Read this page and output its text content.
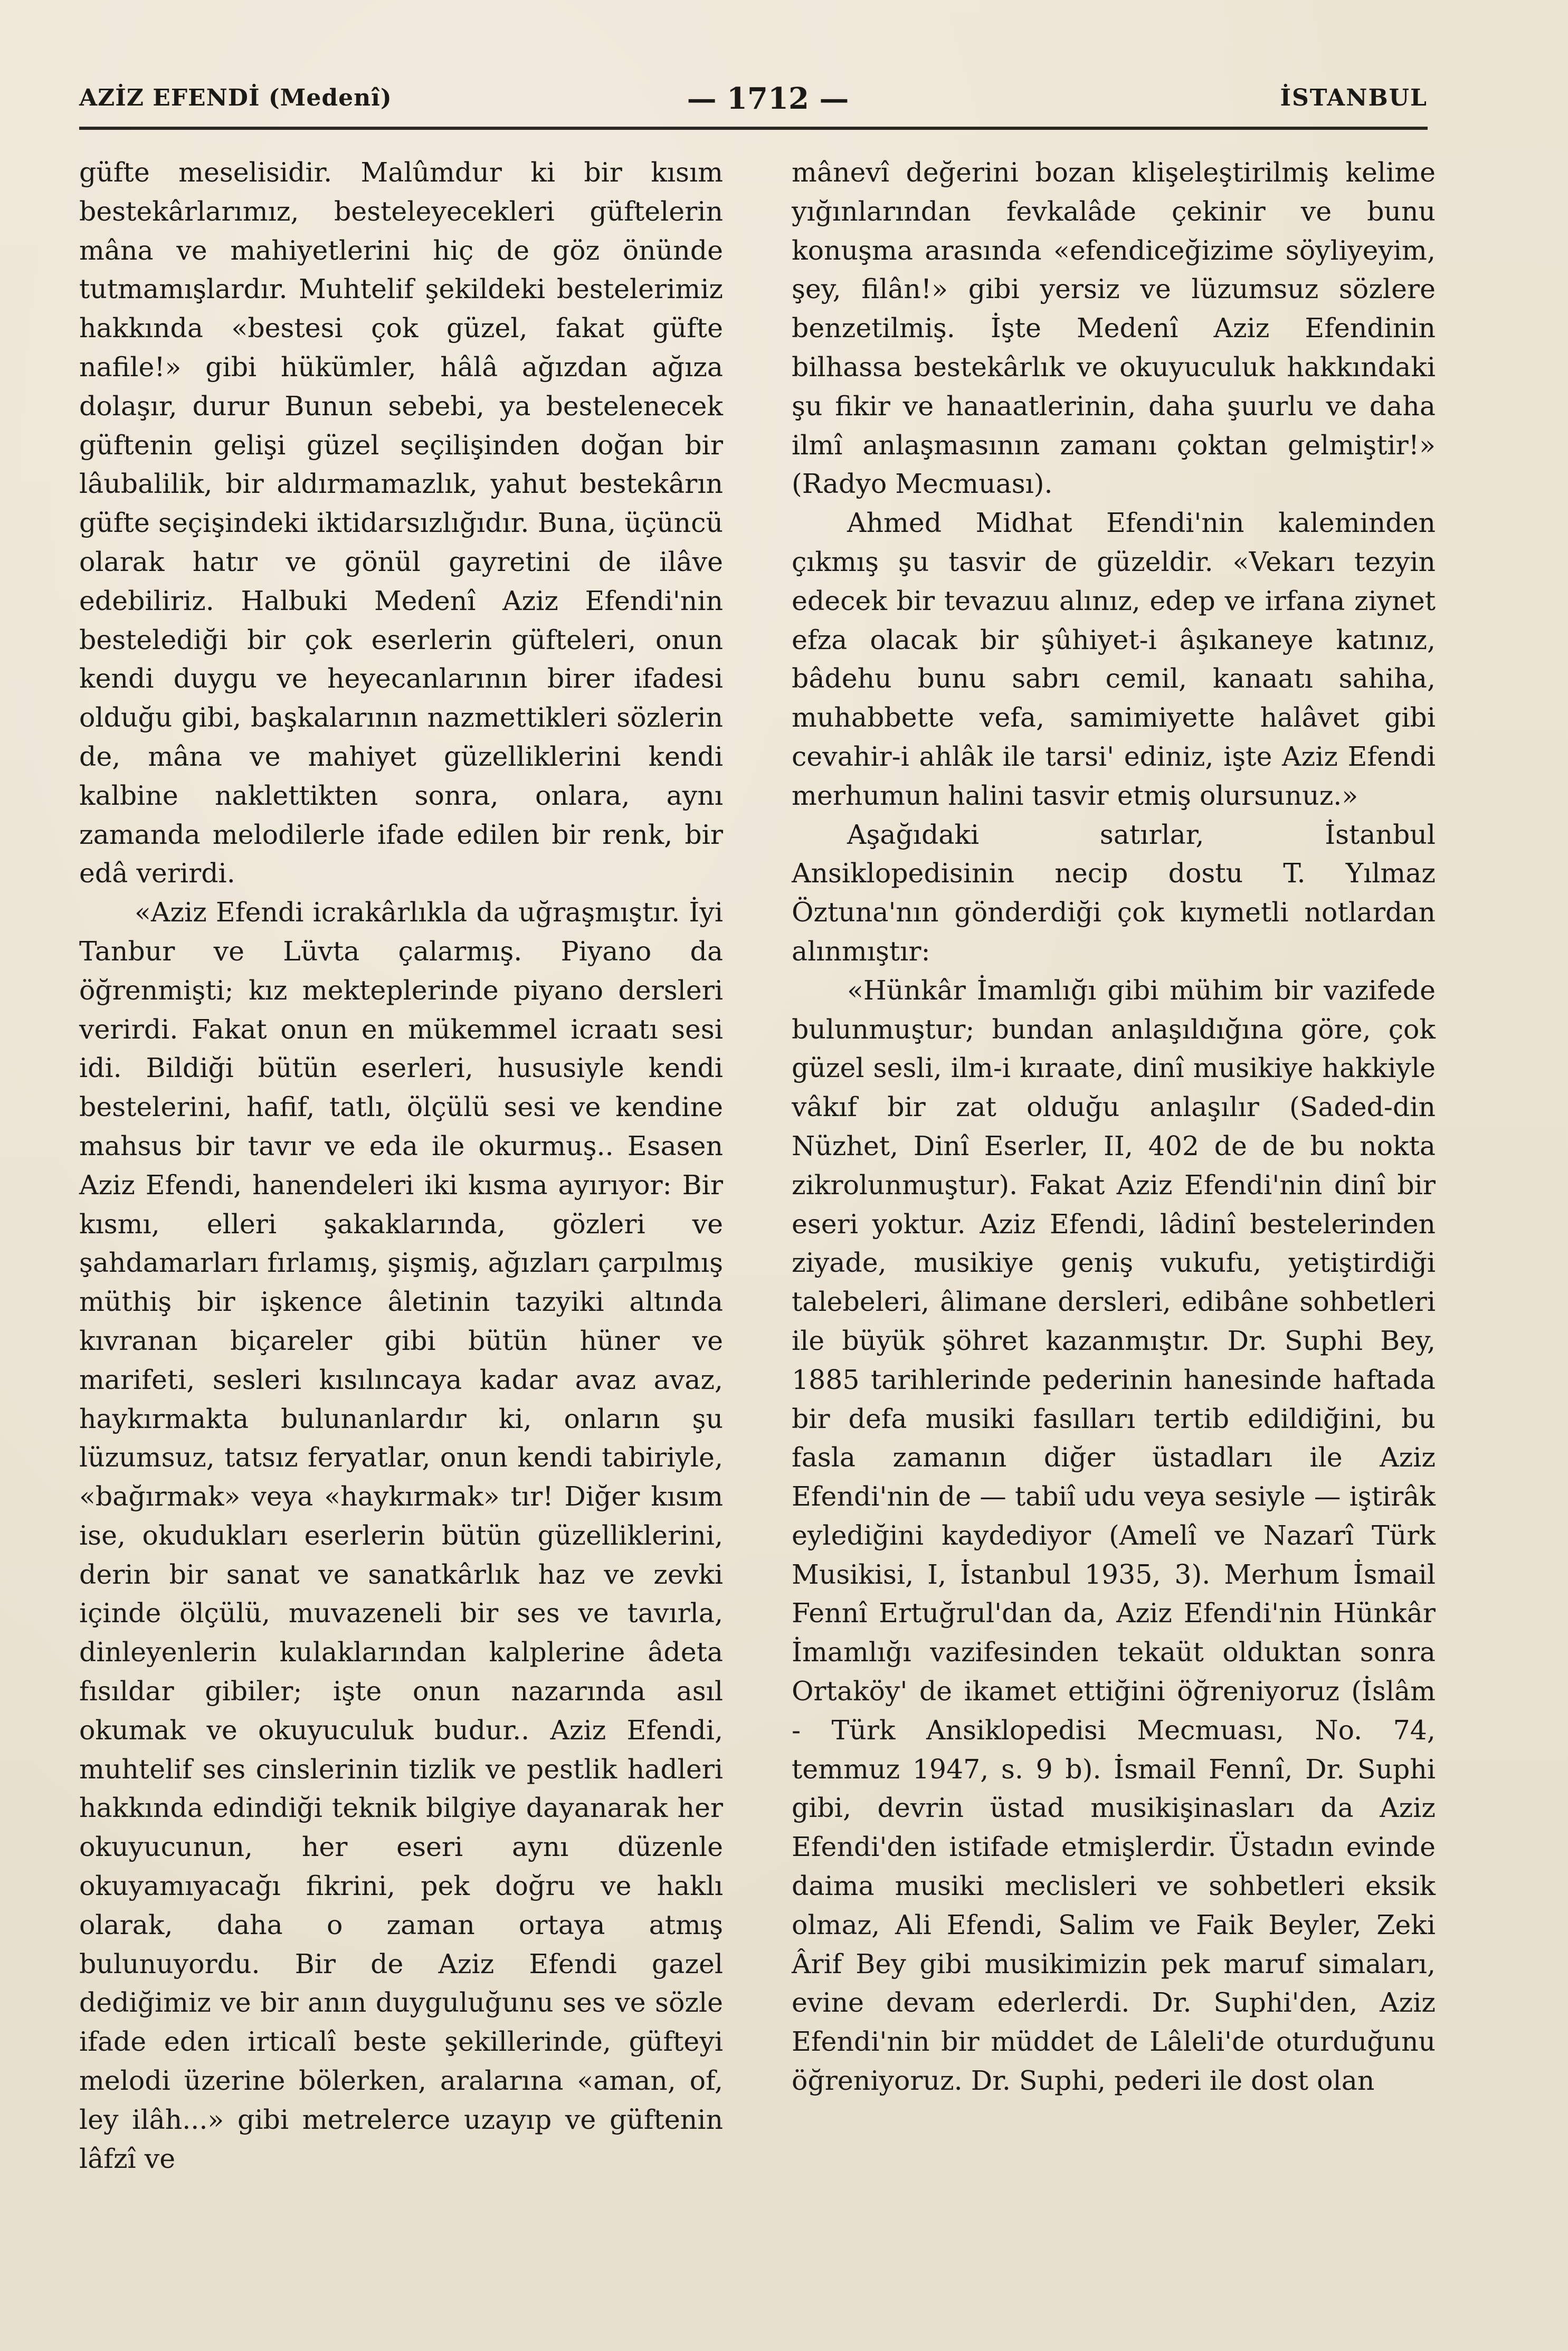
AZİZ EFENDİ (Medenî)	— 1712 —	İSTANBUL

güfte meselisidir. Malûmdur ki bir kısım bestekârlarımız, besteleyecekleri güftelerin mâna ve mahiyetlerini hiç de göz önünde tutmamışlardır. Muhtelif şekildeki bestelerimiz hakkında «bestesi çok güzel, fakat güfte nafile!» gibi hükümler, hâlâ ağızdan ağıza dolaşır, durur Bunun sebebi, ya bestelenecek güftenin gelişi güzel seçilişinden doğan bir lâubalilik, bir aldırmamazlık, yahut bestekârın güfte seçişindeki iktidarsızlığıdır. Buna, üçüncü olarak hatır ve gönül gayretini de ilâve edebiliriz. Halbuki Medenî Aziz Efendi'nin bestelediği bir çok eserlerin güfteleri, onun kendi duygu ve heyecanlarının birer ifadesi olduğu gibi, başkalarının nazmettikleri sözlerin de, mâna ve mahiyet güzelliklerini kendi kalbine naklettikten sonra, onlara, aynı zamanda melodilerle ifade edilen bir renk, bir edâ verirdi.

«Aziz Efendi icrakârlıkla da uğraşmıştır. İyi Tanbur ve Lüvta çalarmış. Piyano da öğrenmişti; kız mekteplerinde piyano dersleri verirdi. Fakat onun en mükemmel icraatı sesi idi. Bildiği bütün eserleri, hususiyle kendi bestelerini, hafif, tatlı, ölçülü sesi ve kendine mahsus bir tavır ve eda ile okurmuş.. Esasen Aziz Efendi, hanendeleri iki kısma ayırıyor: Bir kısmı, elleri şakaklarında, gözleri ve şahdamarları fırlamış, şişmiş, ağızları çarpılmış müthiş bir işkence âletinin tazyiki altında kıvranan biçareler gibi bütün hüner ve marifeti, sesleri kısılıncaya kadar avaz avaz, haykırmakta bulunanlardır ki, onların şu lüzumsuz, tatsız feryatlar, onun kendi tabiriyle, «bağırmak» veya «haykırmak» tır! Diğer kısım ise, okudukları eserlerin bütün güzelliklerini, derin bir sanat ve sanatkârlık haz ve zevki içinde ölçülü, muvazeneli bir ses ve tavırla, dinleyenlerin kulaklarından kalplerine âdeta fısıldar gibiler; işte onun nazarında asıl okumak ve okuyuculuk budur.. Aziz Efendi, muhtelif ses cinslerinin tizlik ve pestlik hadleri hakkında edindiği teknik bilgiye dayanarak her okuyucunun, her eseri aynı düzenle okuyamıyacağı fikrini, pek doğru ve haklı olarak, daha o zaman ortaya atmış bulunuyordu. Bir de Aziz Efendi gazel dediğimiz ve bir anın duyguluğunu ses ve sözle ifade eden irticalî beste şekillerinde, güfteyi melodi üzerine bölerken, aralarına «aman, of, ley ilâh...» gibi metrelerce uzayıp ve güftenin lâfzî ve

mânevî değerini bozan klişeleştirilmiş kelime yığınlarından fevkalâde çekinir ve bunu konuşma arasında «efendiceğizime söyliyeyim, şey, filân!» gibi yersiz ve lüzumsuz sözlere benzetilmiş. İşte Medenî Aziz Efendinin bilhassa bestekârlık ve okuyuculuk hakkındaki şu fikir ve hanaatlerinin, daha şuurlu ve daha ilmî anlaşmasının zamanı çoktan gelmiştir!» (Radyo Mecmuası).

Ahmed Midhat Efendi'nin kaleminden çıkmış şu tasvir de güzeldir. «Vekarı tezyin edecek bir tevazuu alınız, edep ve irfana ziynet efza olacak bir şûhiyet-i âşıkaneye katınız, bâdehu bunu sabrı cemil, kanaatı sahiha, muhabbette vefa, samimiyette halâvet gibi cevahir-i ahlâk ile tarsi' ediniz, işte Aziz Efendi merhumun halini tasvir etmiş olursunuz.»

Aşağıdaki satırlar, İstanbul Ansiklopedisinin necip dostu T. Yılmaz Öztuna'nın gönderdiği çok kıymetli notlardan alınmıştır:

«Hünkâr İmamlığı gibi mühim bir vazifede bulunmuştur; bundan anlaşıldığına göre, çok güzel sesli, ilm-i kıraate, dinî musikiye hakkiyle vâkıf bir zat olduğu anlaşılır (Saded-din Nüzhet, Dinî Eserler, II, 402 de de bu nokta zikrolunmuştur). Fakat Aziz Efendi'nin dinî bir eseri yoktur. Aziz Efendi, lâdinî bestelerinden ziyade, musikiye geniş vukufu, yetiştirdiği talebeleri, âlimane dersleri, edibâne sohbetleri ile büyük şöhret kazanmıştır. Dr. Suphi Bey, 1885 tarihlerinde pederinin hanesinde haftada bir defa musiki fasılları tertib edildiğini, bu fasla zamanın diğer üstadları ile Aziz Efendi'nin de — tabiî udu veya sesiyle — iştirâk eylediğini kaydediyor (Amelî ve Nazarî Türk Musikisi, I, İstanbul 1935, 3). Merhum İsmail Fennî Ertuğrul'dan da, Aziz Efendi'nin Hünkâr İmamlığı vazifesinden tekaüt olduktan sonra Ortaköy' de ikamet ettiğini öğreniyoruz (İslâm - Türk Ansiklopedisi Mecmuası, No. 74, temmuz 1947, s. 9 b). İsmail Fennî, Dr. Suphi gibi, devrin üstad musikişinasları da Aziz Efendi'den istifade etmişlerdir. Üstadın evinde daima musiki meclisleri ve sohbetleri eksik olmaz, Ali Efendi, Salim ve Faik Beyler, Zeki Ârif Bey gibi musikimizin pek maruf simaları, evine devam ederlerdi. Dr. Suphi'den, Aziz Efendi'nin bir müddet de Lâleli'de oturduğunu öğreniyoruz. Dr. Suphi, pederi ile dost olan
